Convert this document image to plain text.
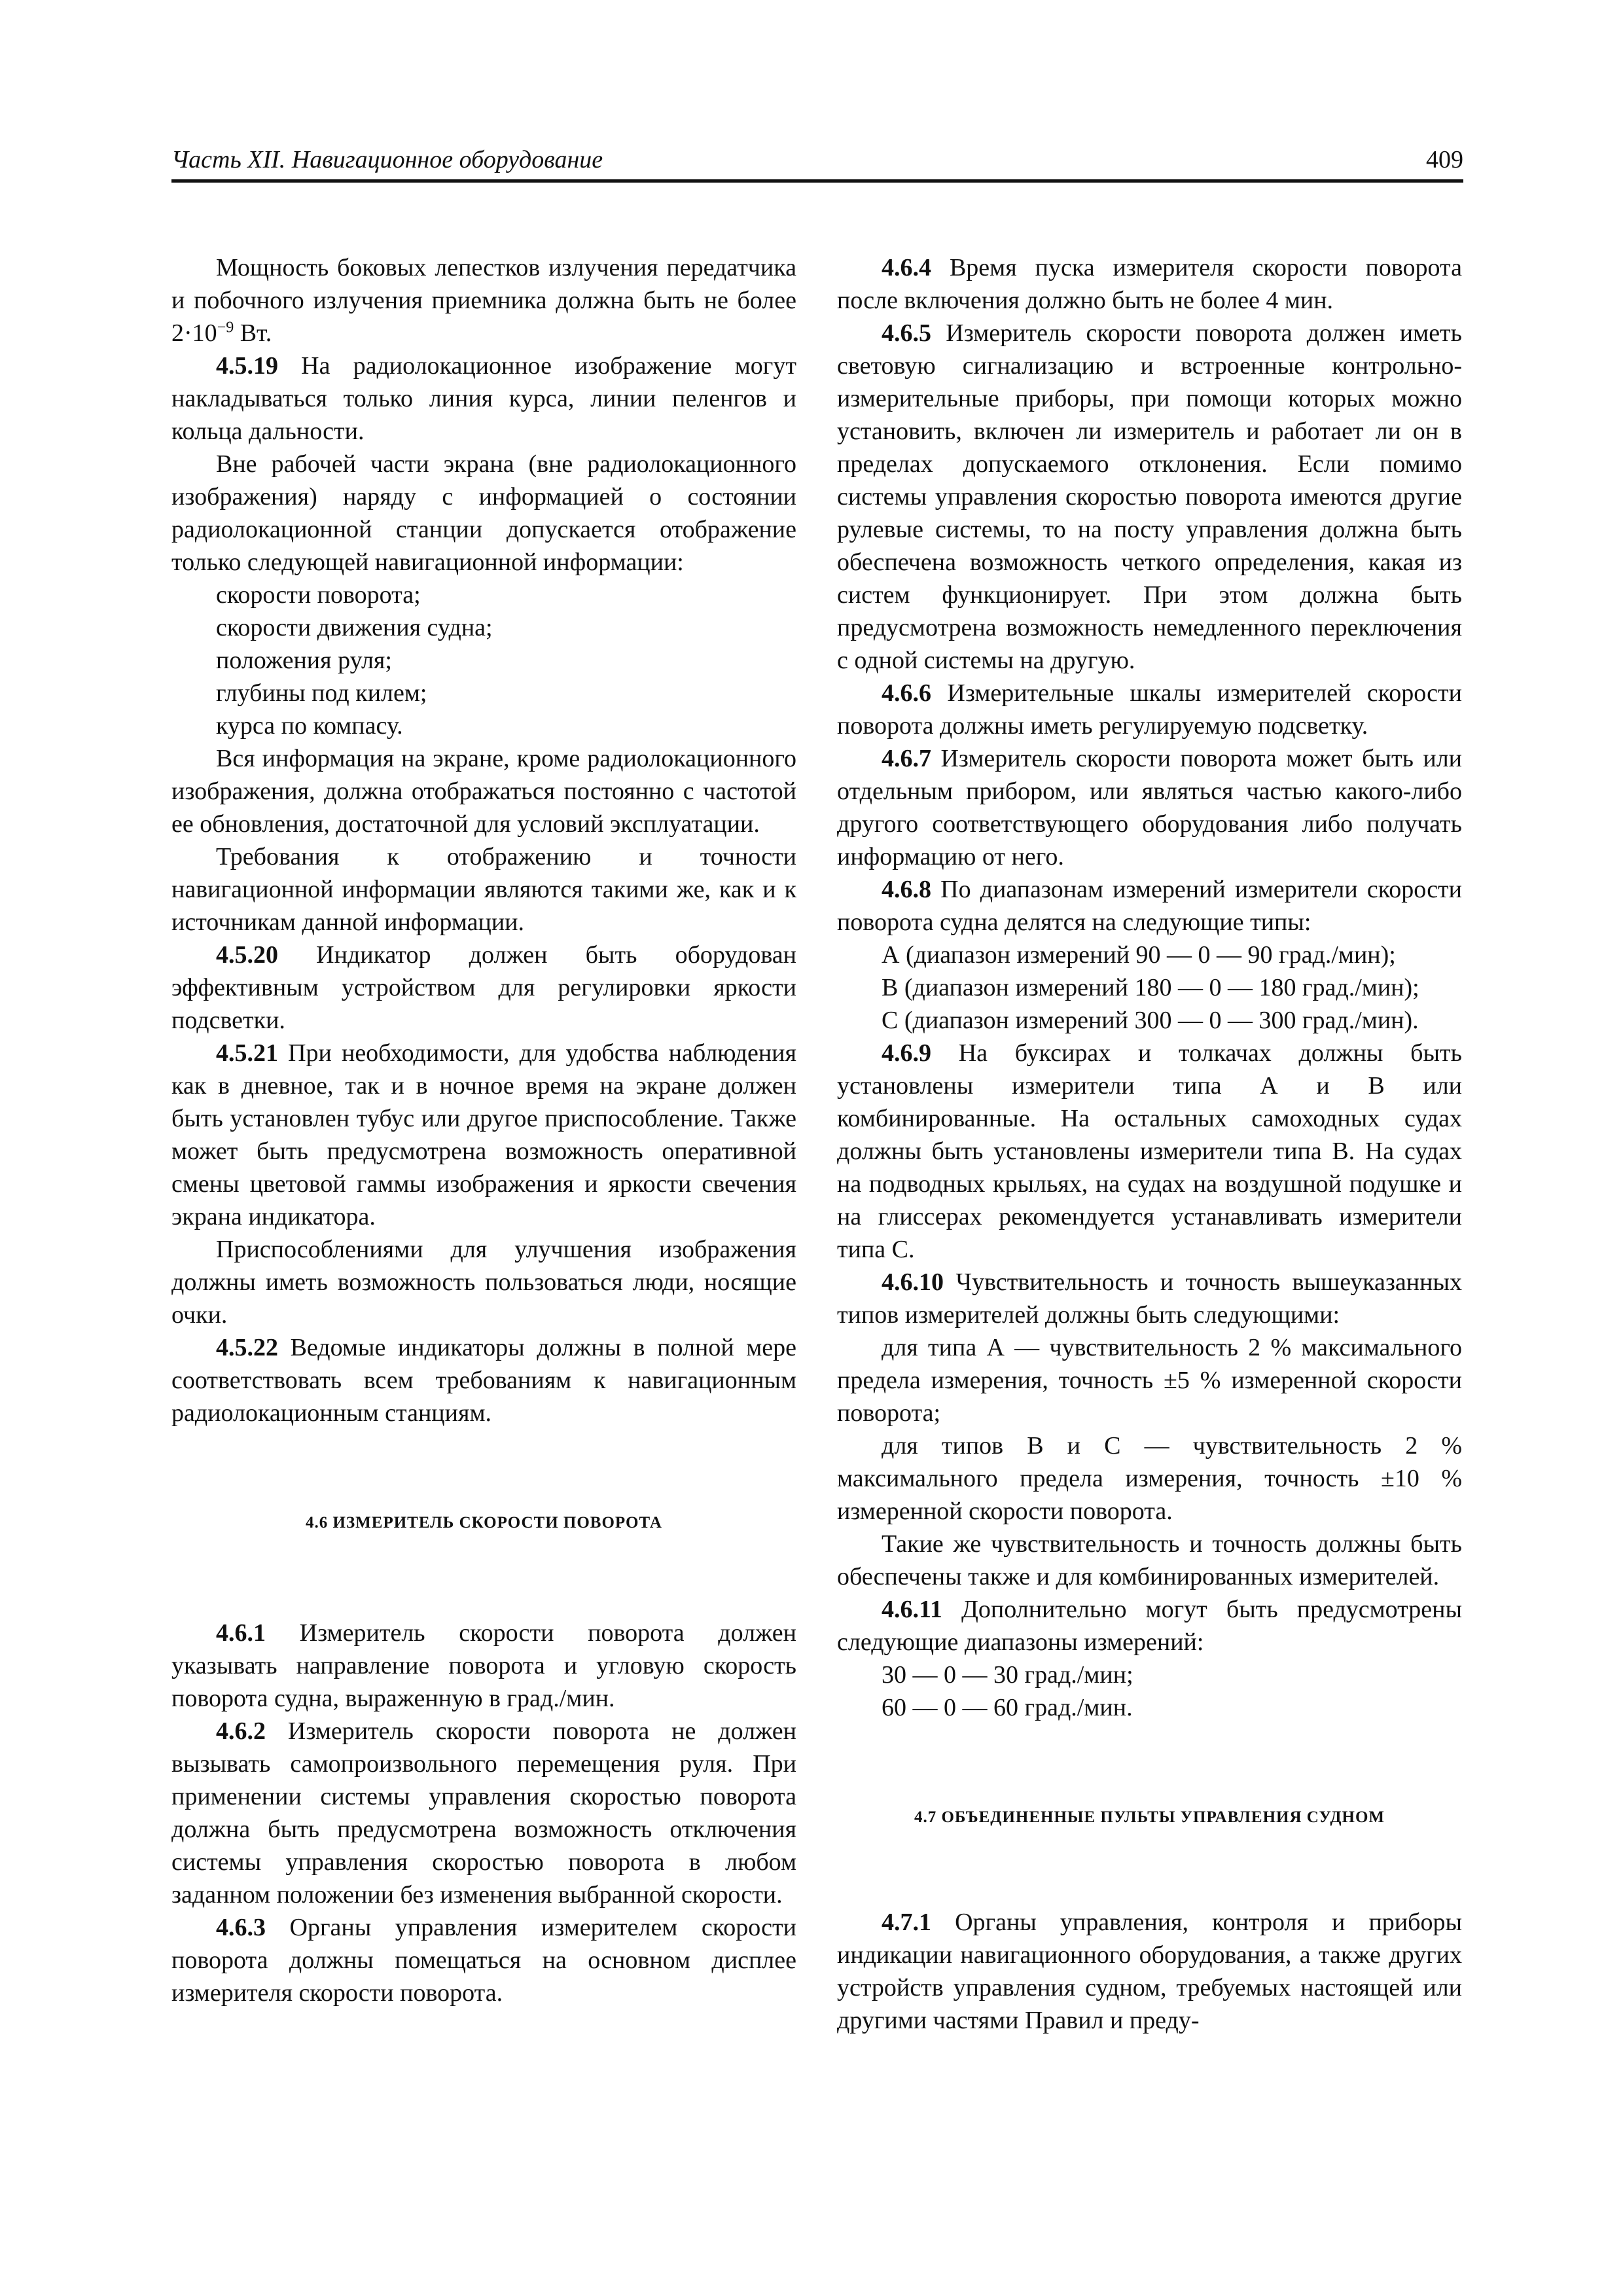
Часть XII. Навигационное оборудование	409

Мощность боковых лепестков излучения передатчика и побочного излучения приемника должна быть не более $2\cdot 10^{-9}$ Вт.

4.5.19 На радиолокационное изображение могут накладываться только линия курса, линии пеленгов и кольца дальности.

Вне рабочей части экрана (вне радиолокационного изображения) наряду с информацией о состоянии радиолокационной станции допускается отображение только следующей навигационной информации:

скорости поворота;

скорости движения судна;

положения руля;

глубины под килем;

курса по компасу.

Вся информация на экране, кроме радиолокационного изображения, должна отображаться постоянно с частотой ее обновления, достаточной для условий эксплуатации.

Требования к отображению и точности навигационной информации являются такими же, как и к источникам данной информации.

4.5.20 Индикатор должен быть оборудован эффективным устройством для регулировки яркости подсветки.

4.5.21 При необходимости, для удобства наблюдения как в дневное, так и в ночное время на экране должен быть установлен тубус или другое приспособление. Также может быть предусмотрена возможность оперативной смены цветовой гаммы изображения и яркости свечения экрана индикатора.

Приспособлениями для улучшения изображения должны иметь возможность пользоваться люди, носящие очки.

4.5.22 Ведомые индикаторы должны в полной мере соответствовать всем требованиям к навигационным радиолокационным станциям.

4.6 ИЗМЕРИТЕЛЬ СКОРОСТИ ПОВОРОТА

4.6.1 Измеритель скорости поворота должен указывать направление поворота и угловую скорость поворота судна, выраженную в град./мин.

4.6.2 Измеритель скорости поворота не должен вызывать самопроизвольного перемещения руля. При применении системы управления скоростью поворота должна быть предусмотрена возможность отключения системы управления скоростью поворота в любом заданном положении без изменения выбранной скорости.

4.6.3 Органы управления измерителем скорости поворота должны помещаться на основном дисплее измерителя скорости поворота.

4.6.4 Время пуска измерителя скорости поворота после включения должно быть не более 4 мин.

4.6.5 Измеритель скорости поворота должен иметь световую сигнализацию и встроенные контрольно-измерительные приборы, при помощи которых можно установить, включен ли измеритель и работает ли он в пределах допускаемого отклонения. Если помимо системы управления скоростью поворота имеются другие рулевые системы, то на посту управления должна быть обеспечена возможность четкого определения, какая из систем функционирует. При этом должна быть предусмотрена возможность немедленного переключения с одной системы на другую.

4.6.6 Измерительные шкалы измерителей скорости поворота должны иметь регулируемую подсветку.

4.6.7 Измеритель скорости поворота может быть или отдельным прибором, или являться частью какого-либо другого соответствующего оборудования либо получать информацию от него.

4.6.8 По диапазонам измерений измерители скорости поворота судна делятся на следующие типы:

А (диапазон измерений 90 — 0 — 90 град./мин);

В (диапазон измерений 180 — 0 — 180 град./мин);

С (диапазон измерений 300 — 0 — 300 град./мин).

4.6.9 На буксирах и толкачах должны быть установлены измерители типа А и В или комбинированные. На остальных самоходных судах должны быть установлены измерители типа В. На судах на подводных крыльях, на судах на воздушной подушке и на глиссерах рекомендуется устанавливать измерители типа С.

4.6.10 Чувствительность и точность вышеуказанных типов измерителей должны быть следующими:

для типа А — чувствительность 2 % максимального предела измерения, точность ±5 % измеренной скорости поворота;

для типов В и С — чувствительность 2 % максимального предела измерения, точность ±10 % измеренной скорости поворота.

Такие же чувствительность и точность должны быть обеспечены также и для комбинированных измерителей.

4.6.11 Дополнительно могут быть предусмотрены следующие диапазоны измерений:

30 — 0 — 30 град./мин;

60 — 0 — 60 град./мин.

4.7 ОБЪЕДИНЕННЫЕ ПУЛЬТЫ УПРАВЛЕНИЯ СУДНОМ

4.7.1 Органы управления, контроля и приборы индикации навигационного оборудования, а также других устройств управления судном, требуемых настоящей или другими частями Правил и преду-
